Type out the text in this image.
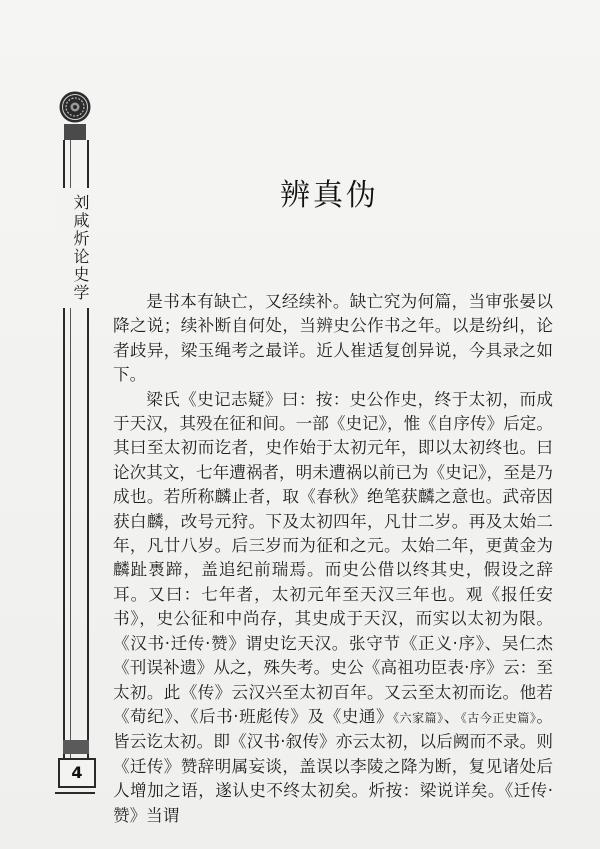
刘咸炘论史学
4
辨真伪

是书本有缺亡，又经续补。缺亡究为何篇，当审张晏以降之说；续补断自何处，当辨史公作书之年。以是纷纠，论者歧异，梁玉绳考之最详。近人崔适复创异说，今具录之如下。

梁氏《史记志疑》曰：按：史公作史，终于太初，而成于天汉，其殁在征和间。一部《史记》，惟《自序传》后定。其曰至太初而讫者，史作始于太初元年，即以太初终也。曰论次其文，七年遭祸者，明未遭祸以前已为《史记》，至是乃成也。若所称麟止者，取《春秋》绝笔获麟之意也。武帝因获白麟，改号元狩。下及太初四年，凡廿二岁。再及太始二年，凡廿八岁。后三岁而为征和之元。太始二年，更黄金为麟趾褭蹄，盖追纪前瑞焉。而史公借以终其史，假设之辞耳。又曰：七年者，太初元年至天汉三年也。观《报任安书》，史公征和中尚存，其史成于天汉，而实以太初为限。《汉书·迁传·赞》谓史讫天汉。张守节《正义·序》、吴仁杰《刊误补遗》从之，殊失考。史公《高祖功臣表·序》云：至太初。此《传》云汉兴至太初百年。又云至太初而讫。他若《荀纪》、《后书·班彪传》及《史通》《六家篇》、《古今正史篇》。皆云讫太初。即《汉书·叙传》亦云太初，以后阙而不录。则《迁传》赞辞明属妄谈，盖误以李陵之降为断，复见诸处后人增加之语，遂认史不终太初矣。炘按：梁说详矣。《迁传·赞》当谓
